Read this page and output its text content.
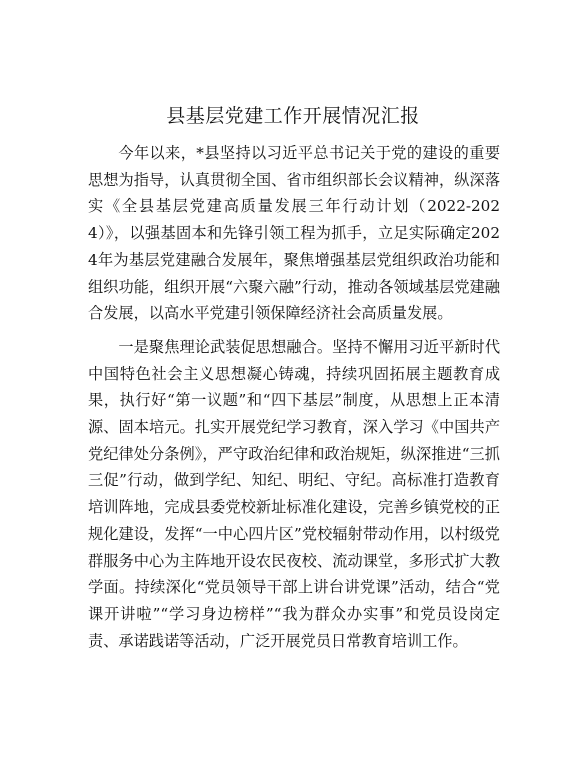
县基层党建工作开展情况汇报

今年以来，*县坚持以习近平总书记关于党的建设的重要思想为指导，认真贯彻全国、省市组织部长会议精神，纵深落实《全县基层党建高质量发展三年行动计划（2022-2024）》，以强基固本和先锋引领工程为抓手，立足实际确定2024年为基层党建融合发展年，聚焦增强基层党组织政治功能和组织功能，组织开展“六聚六融”行动，推动各领域基层党建融合发展，以高水平党建引领保障经济社会高质量发展。

一是聚焦理论武装促思想融合。坚持不懈用习近平新时代中国特色社会主义思想凝心铸魂，持续巩固拓展主题教育成果，执行好“第一议题”和“四下基层”制度，从思想上正本清源、固本培元。扎实开展党纪学习教育，深入学习《中国共产党纪律处分条例》，严守政治纪律和政治规矩，纵深推进“三抓三促”行动，做到学纪、知纪、明纪、守纪。高标准打造教育培训阵地，完成县委党校新址标准化建设，完善乡镇党校的正规化建设，发挥“一中心四片区”党校辐射带动作用，以村级党群服务中心为主阵地开设农民夜校、流动课堂，多形式扩大教学面。持续深化“党员领导干部上讲台讲党课”活动，结合“党课开讲啦”“学习身边榜样”“我为群众办实事”和党员设岗定责、承诺践诺等活动，广泛开展党员日常教育培训工作。
